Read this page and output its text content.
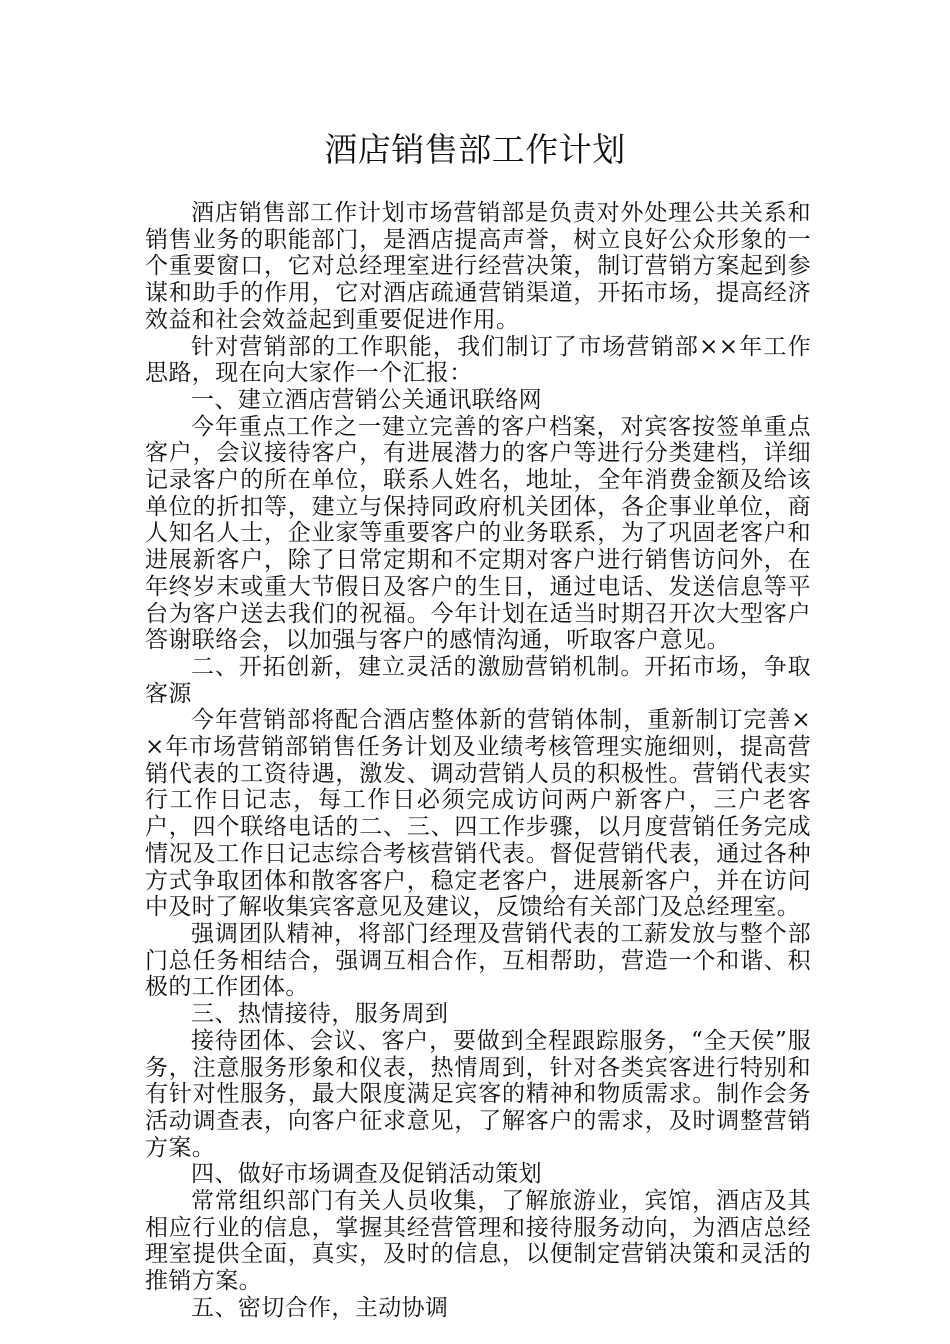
酒店销售部工作计划

酒店销售部工作计划市场营销部是负责对外处理公共关系和销售业务的职能部门，是酒店提高声誉，树立良好公众形象的一个重要窗口，它对总经理室进行经营决策，制订营销方案起到参谋和助手的作用，它对酒店疏通营销渠道，开拓市场，提高经济效益和社会效益起到重要促进作用。

针对营销部的工作职能，我们制订了市场营销部××年工作思路，现在向大家作一个汇报：

一、建立酒店营销公关通讯联络网

今年重点工作之一建立完善的客户档案，对宾客按签单重点客户，会议接待客户，有进展潜力的客户等进行分类建档，详细记录客户的所在单位，联系人姓名，地址，全年消费金额及给该单位的折扣等，建立与保持同政府机关团体，各企事业单位，商人知名人士，企业家等重要客户的业务联系，为了巩固老客户和进展新客户，除了日常定期和不定期对客户进行销售访问外，在年终岁末或重大节假日及客户的生日，通过电话、发送信息等平台为客户送去我们的祝福。今年计划在适当时期召开次大型客户答谢联络会，以加强与客户的感情沟通，听取客户意见。

二、开拓创新，建立灵活的激励营销机制。开拓市场，争取客源

今年营销部将配合酒店整体新的营销体制，重新制订完善××年市场营销部销售任务计划及业绩考核管理实施细则，提高营销代表的工资待遇，激发、调动营销人员的积极性。营销代表实行工作日记志，每工作日必须完成访问两户新客户，三户老客户，四个联络电话的二、三、四工作步骤，以月度营销任务完成情况及工作日记志综合考核营销代表。督促营销代表，通过各种方式争取团体和散客客户，稳定老客户，进展新客户，并在访问中及时了解收集宾客意见及建议，反馈给有关部门及总经理室。

强调团队精神，将部门经理及营销代表的工薪发放与整个部门总任务相结合，强调互相合作，互相帮助，营造一个和谐、积极的工作团体。

三、热情接待，服务周到

接待团体、会议、客户，要做到全程跟踪服务，“全天侯”服务，注意服务形象和仪表，热情周到，针对各类宾客进行特别和有针对性服务，最大限度满足宾客的精神和物质需求。制作会务活动调查表，向客户征求意见，了解客户的需求，及时调整营销方案。

四、做好市场调查及促销活动策划

常常组织部门有关人员收集，了解旅游业，宾馆，酒店及其相应行业的信息，掌握其经营管理和接待服务动向，为酒店总经理室提供全面，真实，及时的信息，以便制定营销决策和灵活的推销方案。

五、密切合作，主动协调
